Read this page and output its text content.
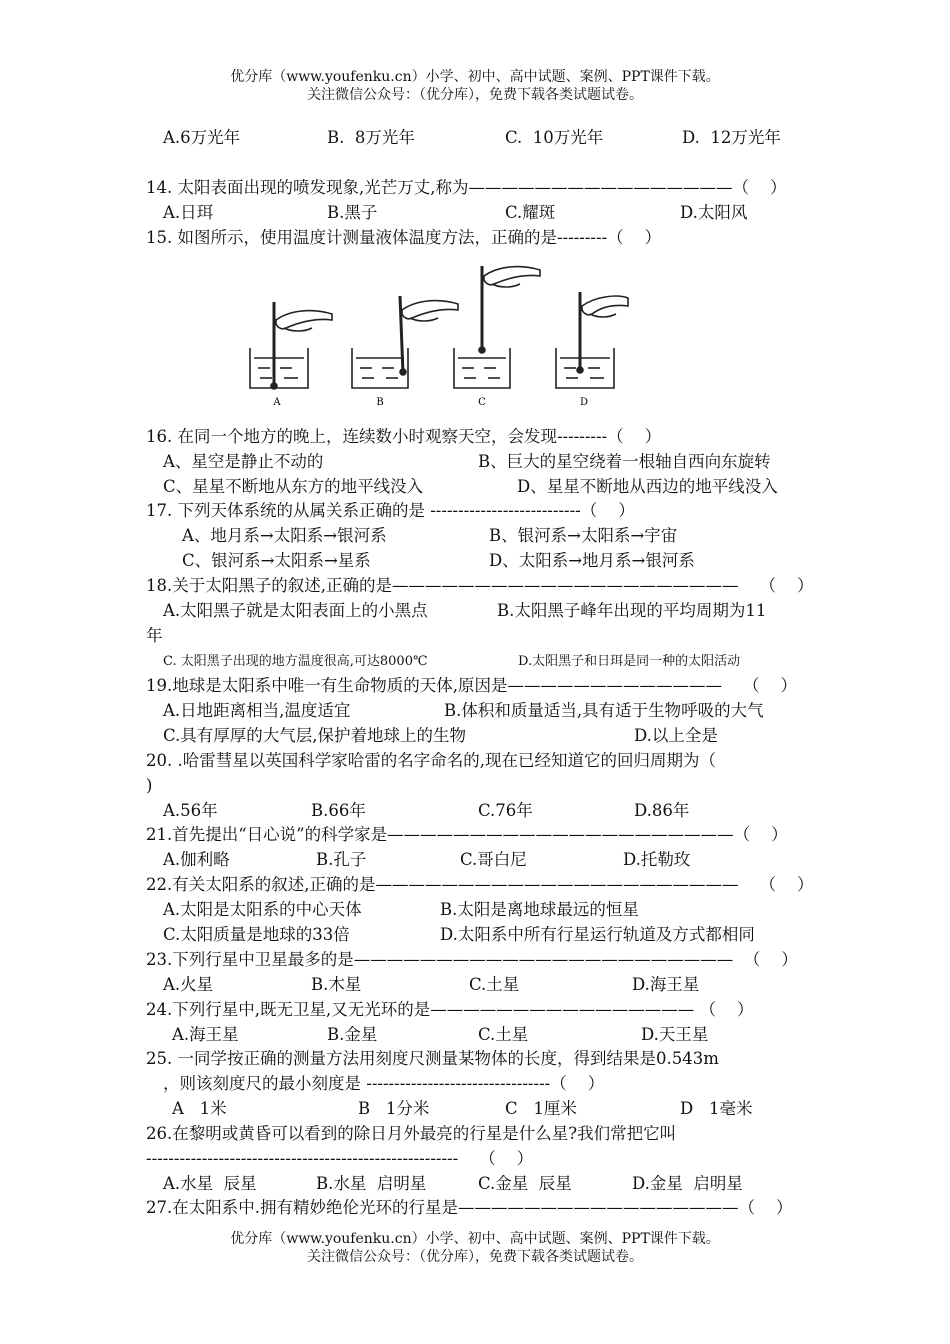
优分库（www.youfenku.cn）小学、初中、高中试题、案例、PPT课件下载。
关注微信公众号：（优分库），免费下载各类试题试卷。
A.6万光年	B.  8万光年	C.  10万光年	D.  12万光年
14. 太阳表面出现的喷发现象,光芒万丈,称为————————————————（    ）
A.日珥	B.黑子	C.耀斑	D.太阳风
15. 如图所示，使用温度计测量液体温度方法，正确的是---------（    ）
A	B	C	D
16. 在同一个地方的晚上，连续数小时观察天空，会发现---------（    ）
A、星空是静止不动的	B、巨大的星空绕着一根轴自西向东旋转
C、星星不断地从东方的地平线没入	D、星星不断地从西边的地平线没入
17. 下列天体系统的从属关系正确的是 ---------------------------（    ）
A、地月系→太阳系→银河系	B、银河系→太阳系→宇宙
C、银河系→太阳系→星系	D、太阳系→地月系→银河系
18.关于太阳黑子的叙述,正确的是—————————————————————    （    ）
A.太阳黑子就是太阳表面上的小黑点	B.太阳黑子峰年出现的平均周期为11
年
C. 太阳黑子出现的地方温度很高,可达8000℃	D.太阳黑子和日珥是同一种的太阳活动
19.地球是太阳系中唯一有生命物质的天体,原因是—————————————    （    ）
A.日地距离相当,温度适宜	B.体积和质量适当,具有适于生物呼吸的大气
C.具有厚厚的大气层,保护着地球上的生物	D.以上全是
20. .哈雷彗星以英国科学家哈雷的名字命名的,现在已经知道它的回归周期为（
)
A.56年	B.66年	C.76年	D.86年
21.首先提出“日心说”的科学家是—————————————————————（    ）
A.伽利略	B.孔子	C.哥白尼	D.托勒玫
22.有关太阳系的叙述,正确的是——————————————————————    （    ）
A.太阳是太阳系的中心天体	B.太阳是离地球最远的恒星
C.太阳质量是地球的33倍	D.太阳系中所有行星运行轨道及方式都相同
23.下列行星中卫星最多的是———————————————————————  （    ）
A.火星	B.木星	C.土星	D.海王星
24.下列行星中,既无卫星,又无光环的是———————————————— （    ）
A.海王星	B.金星	C.土星	D.天王星
25. 一同学按正确的测量方法用刻度尺测量某物体的长度，得到结果是0.543m
，则该刻度尺的最小刻度是 ---------------------------------（    ）
A   1米	B   1分米	C   1厘米	D   1毫米
26.在黎明或黄昏可以看到的除日月外最亮的行星是什么星?我们常把它叫
--------------------------------------------------------    （    ）
A.水星  辰星	B.水星  启明星	C.金星  辰星	D.金星  启明星
27.在太阳系中.拥有精妙绝伦光环的行星是—————————————————（    ）
优分库（www.youfenku.cn）小学、初中、高中试题、案例、PPT课件下载。
关注微信公众号：（优分库），免费下载各类试题试卷。
